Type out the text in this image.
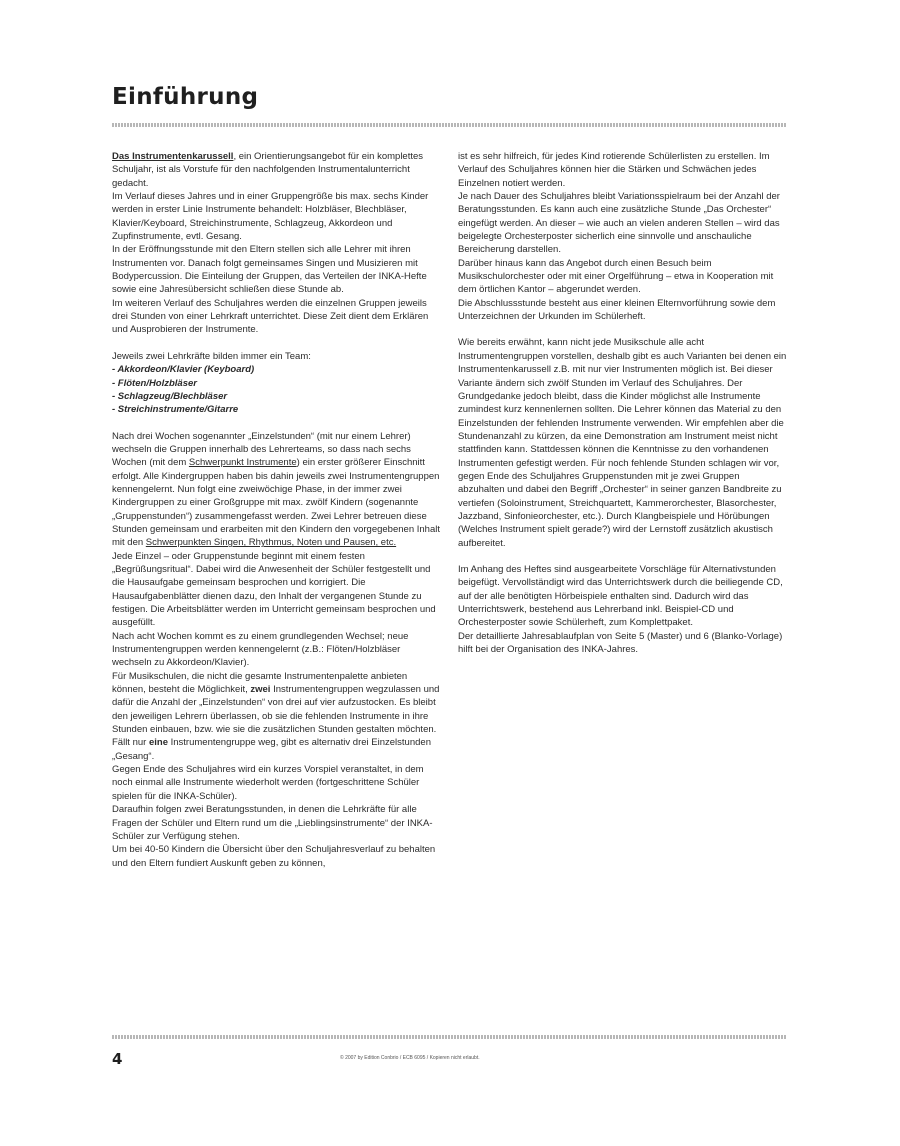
Einführung

Das Instrumentenkarussell, ein Orientierungsangebot für ein komplettes Schuljahr, ist als Vorstufe für den nachfolgenden Instrumentalunterricht gedacht.

Im Verlauf dieses Jahres und in einer Gruppengröße bis max. sechs Kinder werden in erster Linie Instrumente behandelt: Holzbläser, Blechbläser, Klavier/Keyboard, Streichinstrumente, Schlagzeug, Akkordeon und Zupfinstrumente, evtl. Gesang.

In der Eröffnungsstunde mit den Eltern stellen sich alle Lehrer mit ihren Instrumenten vor. Danach folgt gemeinsames Singen und Musizieren mit Bodypercussion. Die Einteilung der Gruppen, das Verteilen der INKA-Hefte sowie eine Jahresübersicht schließen diese Stunde ab.

Im weiteren Verlauf des Schuljahres werden die einzelnen Gruppen jeweils drei Stunden von einer Lehrkraft unterrichtet. Diese Zeit dient dem Erklären und Ausprobieren der Instrumente.

Jeweils zwei Lehrkräfte bilden immer ein Team:

- Akkordeon/Klavier (Keyboard)
- Flöten/Holzbläser
- Schlagzeug/Blechbläser
- Streichinstrumente/Gitarre

Nach drei Wochen sogenannter „Einzelstunden“ (mit nur einem Lehrer) wechseln die Gruppen innerhalb des Lehrerteams, so dass nach sechs Wochen (mit dem Schwerpunkt Instrumente) ein erster größerer Einschnitt erfolgt. Alle Kindergruppen haben bis dahin jeweils zwei Instrumentengruppen kennengelernt. Nun folgt eine zweiwöchige Phase, in der immer zwei Kindergruppen zu einer Großgruppe mit max. zwölf Kindern (sogenannte „Gruppenstunden“) zusammengefasst werden. Zwei Lehrer betreuen diese Stunden gemeinsam und erarbeiten mit den Kindern den vorgegebenen Inhalt mit den Schwerpunkten Singen, Rhythmus, Noten und Pausen, etc.

Jede Einzel – oder Gruppenstunde beginnt mit einem festen „Begrüßungsritual“. Dabei wird die Anwesenheit der Schüler festgestellt und die Hausaufgabe gemeinsam besprochen und korrigiert. Die Hausaufgabenblätter dienen dazu, den Inhalt der vergangenen Stunde zu festigen. Die Arbeitsblätter werden im Unterricht gemeinsam besprochen und ausgefüllt.

Nach acht Wochen kommt es zu einem grundlegenden Wechsel; neue Instrumentengruppen werden kennengelernt (z.B.: Flöten/Holzbläser wechseln zu Akkordeon/Klavier).

Für Musikschulen, die nicht die gesamte Instrumentenpalette anbieten können, besteht die Möglichkeit, zwei Instrumentengruppen wegzulassen und dafür die Anzahl der „Einzelstunden“ von drei auf vier aufzustocken. Es bleibt den jeweiligen Lehrern überlassen, ob sie die fehlenden Instrumente in ihre Stunden einbauen, bzw. wie sie die zusätzlichen Stunden gestalten möchten.

Fällt nur eine Instrumentengruppe weg, gibt es alternativ drei Einzelstunden „Gesang“.

Gegen Ende des Schuljahres wird ein kurzes Vorspiel veranstaltet, in dem noch einmal alle Instrumente wiederholt werden (fortgeschrittene Schüler spielen für die INKA-Schüler).

Daraufhin folgen zwei Beratungsstunden, in denen die Lehrkräfte für alle Fragen der Schüler und Eltern rund um die „Lieblingsinstrumente“ der INKA-Schüler zur Verfügung stehen.

Um bei 40-50 Kindern die Übersicht über den Schuljahresverlauf zu behalten und den Eltern fundiert Auskunft geben zu können,

ist es sehr hilfreich, für jedes Kind rotierende Schülerlisten zu erstellen. Im Verlauf des Schuljahres können hier die Stärken und Schwächen jedes Einzelnen notiert werden.

Je nach Dauer des Schuljahres bleibt Variationsspielraum bei der Anzahl der Beratungsstunden. Es kann auch eine zusätzliche Stunde „Das Orchester“ eingefügt werden. An dieser – wie auch an vielen anderen Stellen – wird das beigelegte Orchesterposter sicherlich eine sinnvolle und anschauliche Bereicherung darstellen.

Darüber hinaus kann das Angebot durch einen Besuch beim Musikschulorchester oder mit einer Orgelführung – etwa in Kooperation mit dem örtlichen Kantor – abgerundet werden.

Die Abschlussstunde besteht aus einer kleinen Elternvorführung sowie dem Unterzeichnen der Urkunden im Schülerheft.

Wie bereits erwähnt, kann nicht jede Musikschule alle acht Instrumentengruppen vorstellen, deshalb gibt es auch Varianten bei denen ein Instrumentenkarussell z.B. mit nur vier Instrumenten möglich ist. Bei dieser Variante ändern sich zwölf Stunden im Verlauf des Schuljahres. Der Grundgedanke jedoch bleibt, dass die Kinder möglichst alle Instrumente zumindest kurz kennenlernen sollten. Die Lehrer können das Material zu den Einzelstunden der fehlenden Instrumente verwenden. Wir empfehlen aber die Stundenanzahl zu kürzen, da eine Demonstration am Instrument meist nicht stattfinden kann. Stattdessen können die Kenntnisse zu den vorhandenen Instrumenten gefestigt werden. Für noch fehlende Stunden schlagen wir vor, gegen Ende des Schuljahres Gruppenstunden mit je zwei Gruppen abzuhalten und dabei den Begriff „Orchester“ in seiner ganzen Bandbreite zu vertiefen (Soloinstrument, Streichquartett, Kammerorchester, Blasorchester, Jazzband, Sinfonieorchester, etc.). Durch Klangbeispiele und Hörübungen (Welches Instrument spielt gerade?) wird der Lernstoff zusätzlich akustisch aufbereitet.

Im Anhang des Heftes sind ausgearbeitete Vorschläge für Alternativstunden beigefügt. Vervollständigt wird das Unterrichtswerk durch die beiliegende CD, auf der alle benötigten Hörbeispiele enthalten sind. Dadurch wird das Unterrichtswerk, bestehend aus Lehrerband inkl. Beispiel-CD und Orchesterposter sowie Schülerheft, zum Komplettpaket.

Der detaillierte Jahresablaufplan von Seite 5 (Master) und 6 (Blanko-Vorlage) hilft bei der Organisation des INKA-Jahres.

4	© 2007 by Edition Conbrio / ECB 6095 / Kopieren nicht erlaubt.
